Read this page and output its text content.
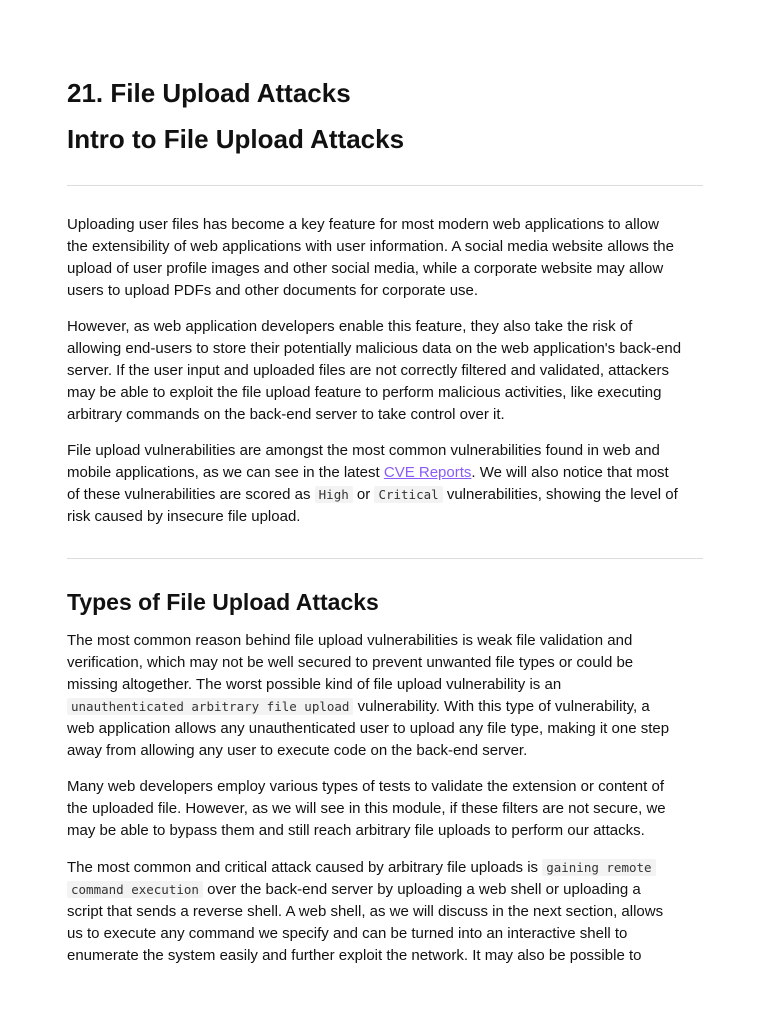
21. File Upload Attacks
Intro to File Upload Attacks

Uploading user files has become a key feature for most modern web applications to allow
the extensibility of web applications with user information. A social media website allows the
upload of user profile images and other social media, while a corporate website may allow
users to upload PDFs and other documents for corporate use.

However, as web application developers enable this feature, they also take the risk of
allowing end-users to store their potentially malicious data on the web application's back-end
server. If the user input and uploaded files are not correctly filtered and validated, attackers
may be able to exploit the file upload feature to perform malicious activities, like executing
arbitrary commands on the back-end server to take control over it.

File upload vulnerabilities are amongst the most common vulnerabilities found in web and
mobile applications, as we can see in the latest CVE Reports. We will also notice that most
of these vulnerabilities are scored as High or Critical vulnerabilities, showing the level of
risk caused by insecure file upload.

Types of File Upload Attacks

The most common reason behind file upload vulnerabilities is weak file validation and
verification, which may not be well secured to prevent unwanted file types or could be
missing altogether. The worst possible kind of file upload vulnerability is an
unauthenticated arbitrary file upload vulnerability. With this type of vulnerability, a
web application allows any unauthenticated user to upload any file type, making it one step
away from allowing any user to execute code on the back-end server.

Many web developers employ various types of tests to validate the extension or content of
the uploaded file. However, as we will see in this module, if these filters are not secure, we
may be able to bypass them and still reach arbitrary file uploads to perform our attacks.

The most common and critical attack caused by arbitrary file uploads is gaining remote
command execution over the back-end server by uploading a web shell or uploading a
script that sends a reverse shell. A web shell, as we will discuss in the next section, allows
us to execute any command we specify and can be turned into an interactive shell to
enumerate the system easily and further exploit the network. It may also be possible to
